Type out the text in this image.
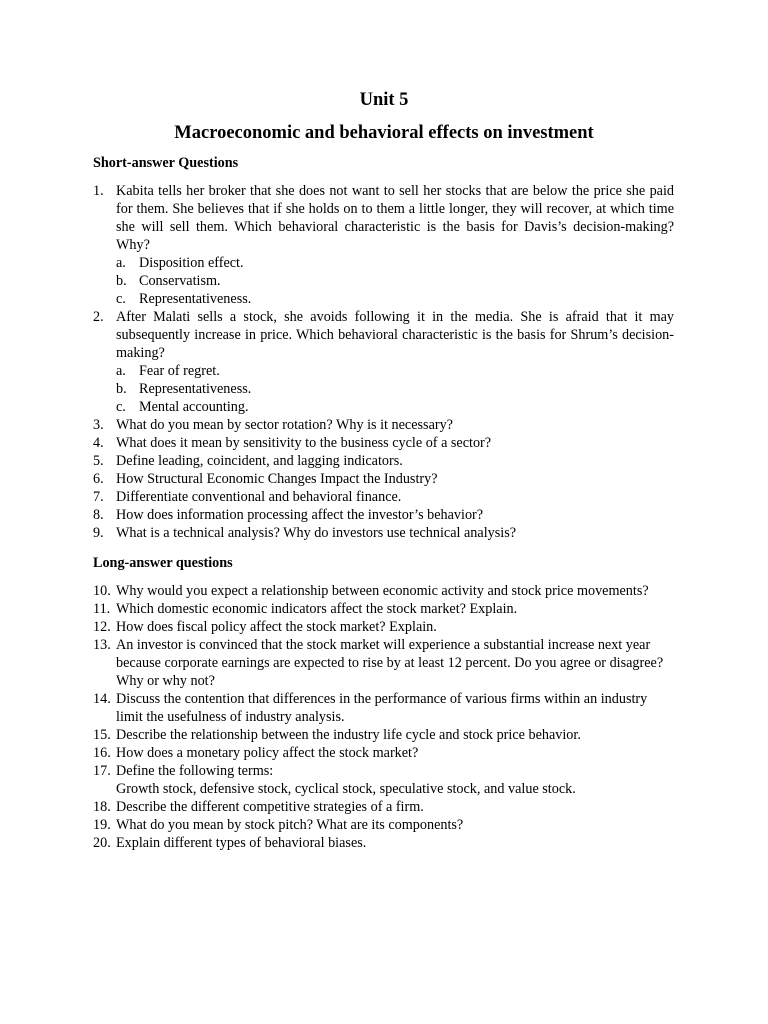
Unit 5
Macroeconomic and behavioral effects on investment
Short-answer Questions
1. Kabita tells her broker that she does not want to sell her stocks that are below the price she paid for them. She believes that if she holds on to them a little longer, they will recover, at which time she will sell them. Which behavioral characteristic is the basis for Davis’s decision-making? Why?
a. Disposition effect.
b. Conservatism.
c. Representativeness.
2. After Malati sells a stock, she avoids following it in the media. She is afraid that it may subsequently increase in price. Which behavioral characteristic is the basis for Shrum’s decision-making?
a. Fear of regret.
b. Representativeness.
c. Mental accounting.
3. What do you mean by sector rotation? Why is it necessary?
4. What does it mean by sensitivity to the business cycle of a sector?
5. Define leading, coincident, and lagging indicators.
6. How Structural Economic Changes Impact the Industry?
7. Differentiate conventional and behavioral finance.
8. How does information processing affect the investor’s behavior?
9. What is a technical analysis? Why do investors use technical analysis?
Long-answer questions
10. Why would you expect a relationship between economic activity and stock price movements?
11. Which domestic economic indicators affect the stock market? Explain.
12. How does fiscal policy affect the stock market? Explain.
13. An investor is convinced that the stock market will experience a substantial increase next year because corporate earnings are expected to rise by at least 12 percent. Do you agree or disagree? Why or why not?
14. Discuss the contention that differences in the performance of various firms within an industry limit the usefulness of industry analysis.
15. Describe the relationship between the industry life cycle and stock price behavior.
16. How does a monetary policy affect the stock market?
17. Define the following terms:
Growth stock, defensive stock, cyclical stock, speculative stock, and value stock.
18. Describe the different competitive strategies of a firm.
19. What do you mean by stock pitch? What are its components?
20. Explain different types of behavioral biases.
